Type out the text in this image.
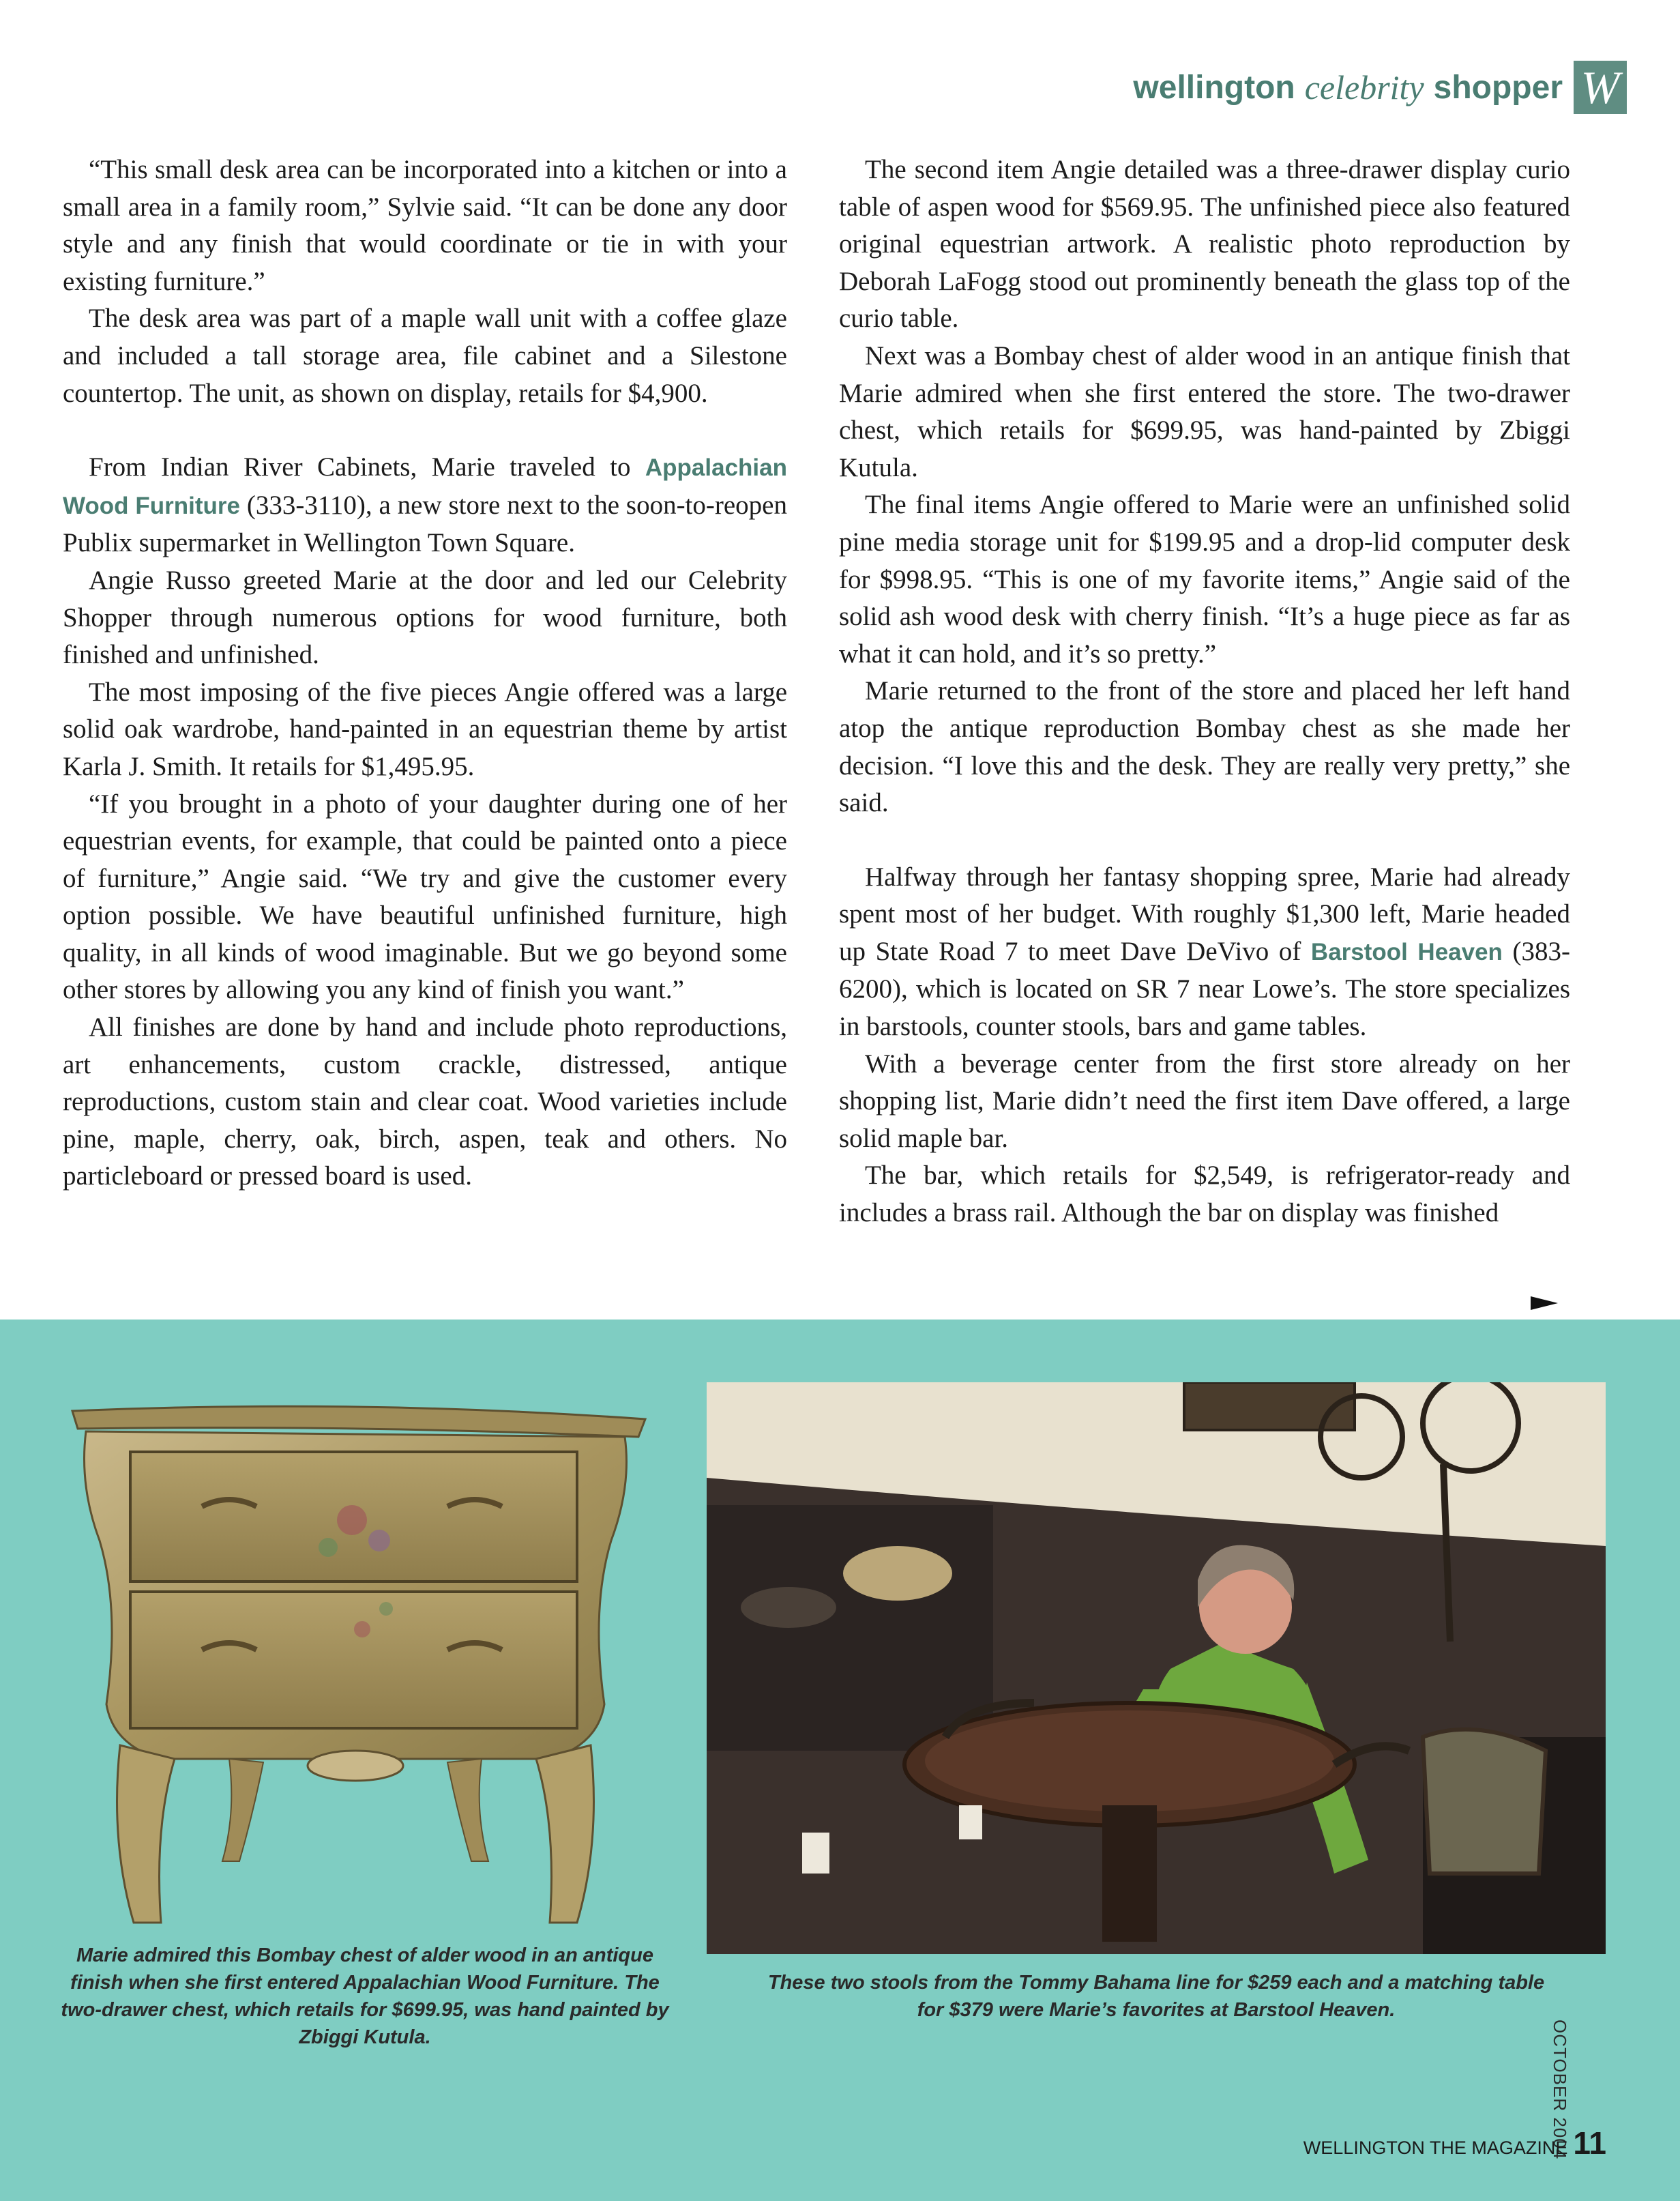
wellington celebrity shopper W

“This small desk area can be incorporated into a kitchen or into a small area in a family room,” Sylvie said. “It can be done any door style and any finish that would coordinate or tie in with your existing furniture.”

The desk area was part of a maple wall unit with a coffee glaze and included a tall storage area, file cabinet and a Silestone countertop. The unit, as shown on display, retails for $4,900.

From Indian River Cabinets, Marie traveled to Appalachian Wood Furniture (333-3110), a new store next to the soon-to-reopen Publix supermarket in Wellington Town Square.

Angie Russo greeted Marie at the door and led our Celebrity Shopper through numerous options for wood furniture, both finished and unfinished.

The most imposing of the five pieces Angie offered was a large solid oak wardrobe, hand-painted in an equestrian theme by artist Karla J. Smith. It retails for $1,495.95.

“If you brought in a photo of your daughter during one of her equestrian events, for example, that could be painted onto a piece of furniture,” Angie said. “We try and give the customer every option possible. We have beautiful unfinished furniture, high quality, in all kinds of wood imaginable. But we go beyond some other stores by allowing you any kind of finish you want.”

All finishes are done by hand and include photo reproductions, art enhancements, custom crackle, distressed, antique reproductions, custom stain and clear coat. Wood varieties include pine, maple, cherry, oak, birch, aspen, teak and others. No particleboard or pressed board is used.

The second item Angie detailed was a three-drawer display curio table of aspen wood for $569.95. The unfinished piece also featured original equestrian artwork. A realistic photo reproduction by Deborah LaFogg stood out prominently beneath the glass top of the curio table.

Next was a Bombay chest of alder wood in an antique finish that Marie admired when she first entered the store. The two-drawer chest, which retails for $699.95, was hand-painted by Zbiggi Kutula.

The final items Angie offered to Marie were an unfinished solid pine media storage unit for $199.95 and a drop-lid computer desk for $998.95. “This is one of my favorite items,” Angie said of the solid ash wood desk with cherry finish. “It’s a huge piece as far as what it can hold, and it’s so pretty.”

Marie returned to the front of the store and placed her left hand atop the antique reproduction Bombay chest as she made her decision. “I love this and the desk. They are really very pretty,” she said.

Halfway through her fantasy shopping spree, Marie had already spent most of her budget. With roughly $1,300 left, Marie headed up State Road 7 to meet Dave DeVivo of Barstool Heaven (383-6200), which is located on SR 7 near Lowe’s. The store specializes in barstools, counter stools, bars and game tables.

With a beverage center from the first store already on her shopping list, Marie didn’t need the first item Dave offered, a large solid maple bar.

The bar, which retails for $2,549, is refrigerator-ready and includes a brass rail. Although the bar on display was finished

Marie admired this Bombay chest of alder wood in an antique finish when she first entered Appalachian Wood Furniture. The two-drawer chest, which retails for $699.95, was hand painted by Zbiggi Kutula.
These two stools from the Tommy Bahama line for $259 each and a matching table for $379 were Marie’s favorites at Barstool Heaven.
OCTOBER 2004
WELLINGTON THE MAGAZINE 11
